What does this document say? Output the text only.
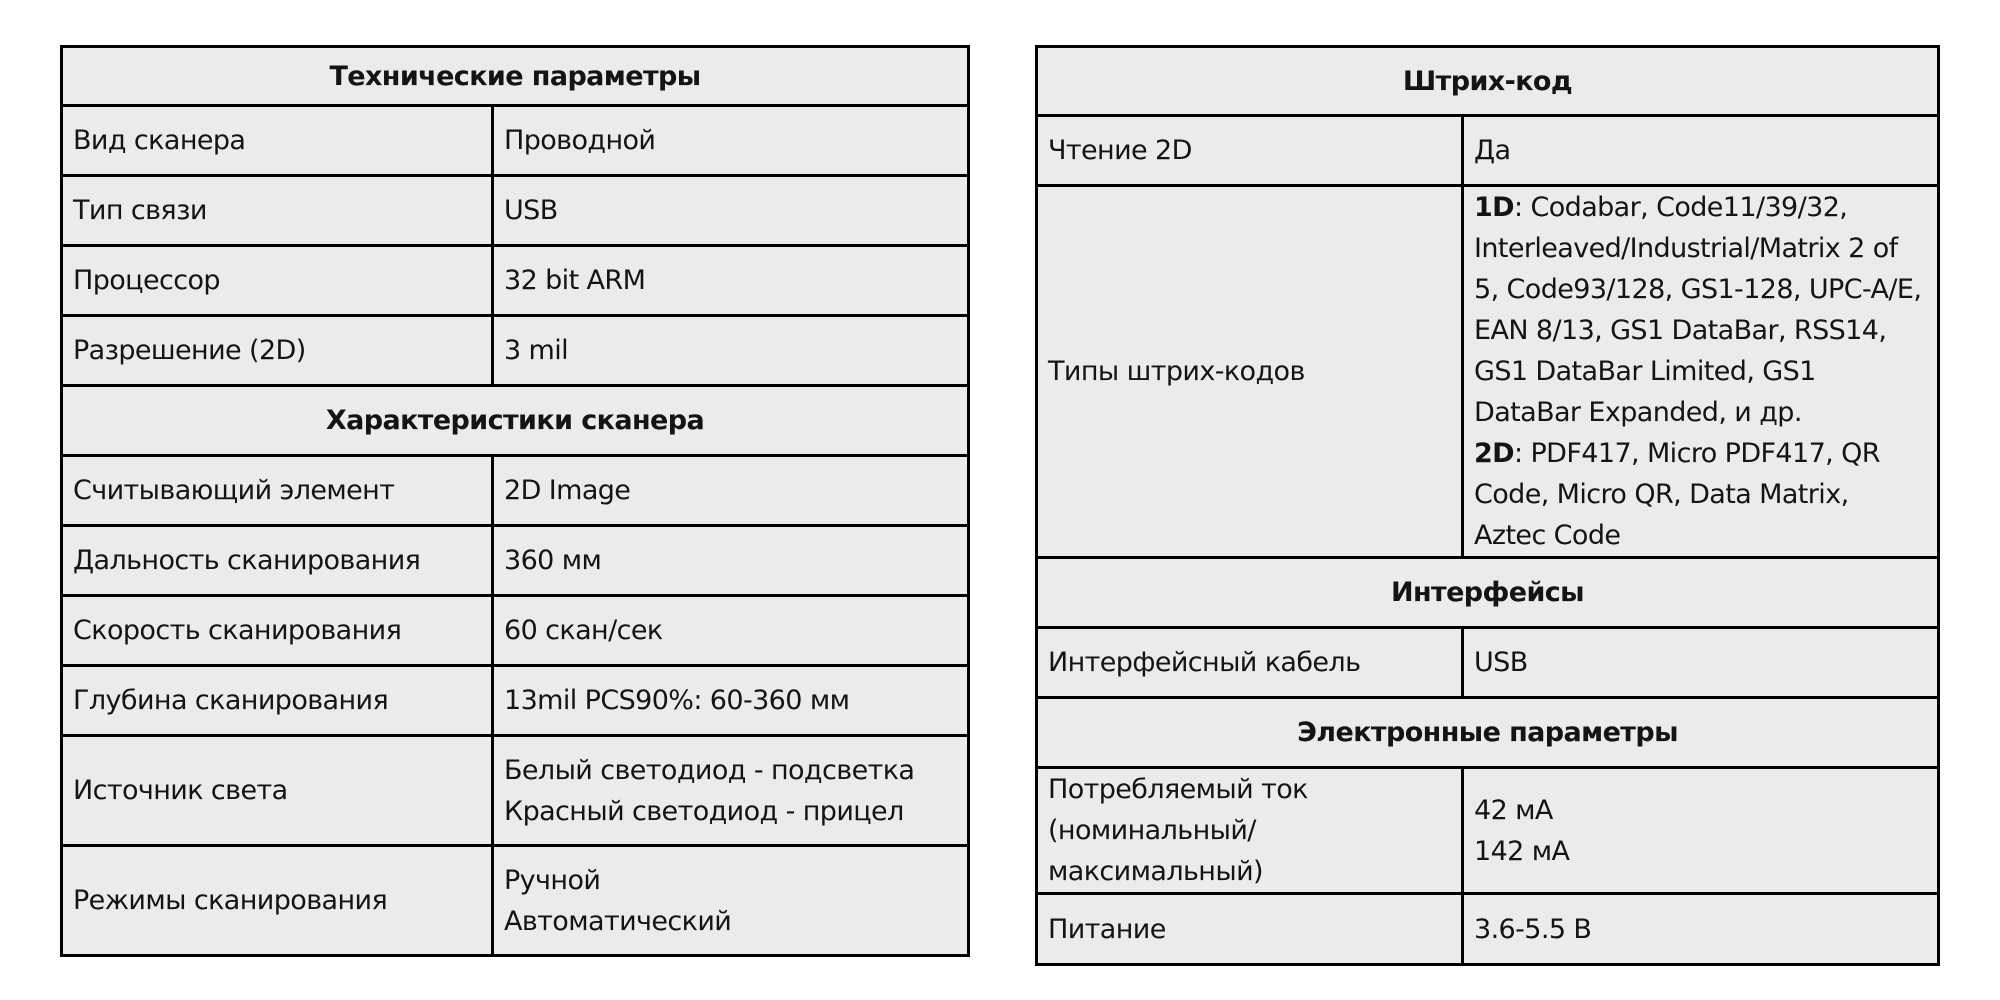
Технические параметры	
Вид сканера	Проводной
Тип связи	USB
Процессор	32 bit ARM
Разрешение (2D)	3 mil
Характеристики сканера	
Считывающий элемент	2D Image
Дальность сканирования	360 мм
Скорость сканирования	60 скан/сек
Глубина сканирования	13mil PCS90%: 60-360 мм
Источник света	Белый светодиод - подсветка
Красный светодиод - прицел

Режимы сканирования	Ручной
Автоматический
Штрих-код	
Чтение 2D	Да
Типы штрих-кодов	1D: Codabar, Code11/39/32, Interleaved/Industrial/Matrix 2 of 5, Code93/128, GS1-128, UPC-A/E, EAN 8/13, GS1 DataBar, RSS14, GS1 DataBar Limited, GS1 DataBar Expanded, и др.
2D: PDF417, Micro PDF417, QR Code, Micro QR, Data Matrix, Aztec Code

Интерфейсы	
Интерфейсный кабель	USB
Электронные параметры	
Потребляемый ток (номинальный/ максимальный)	42 мА
142 мА

Питание	3.6-5.5 В
